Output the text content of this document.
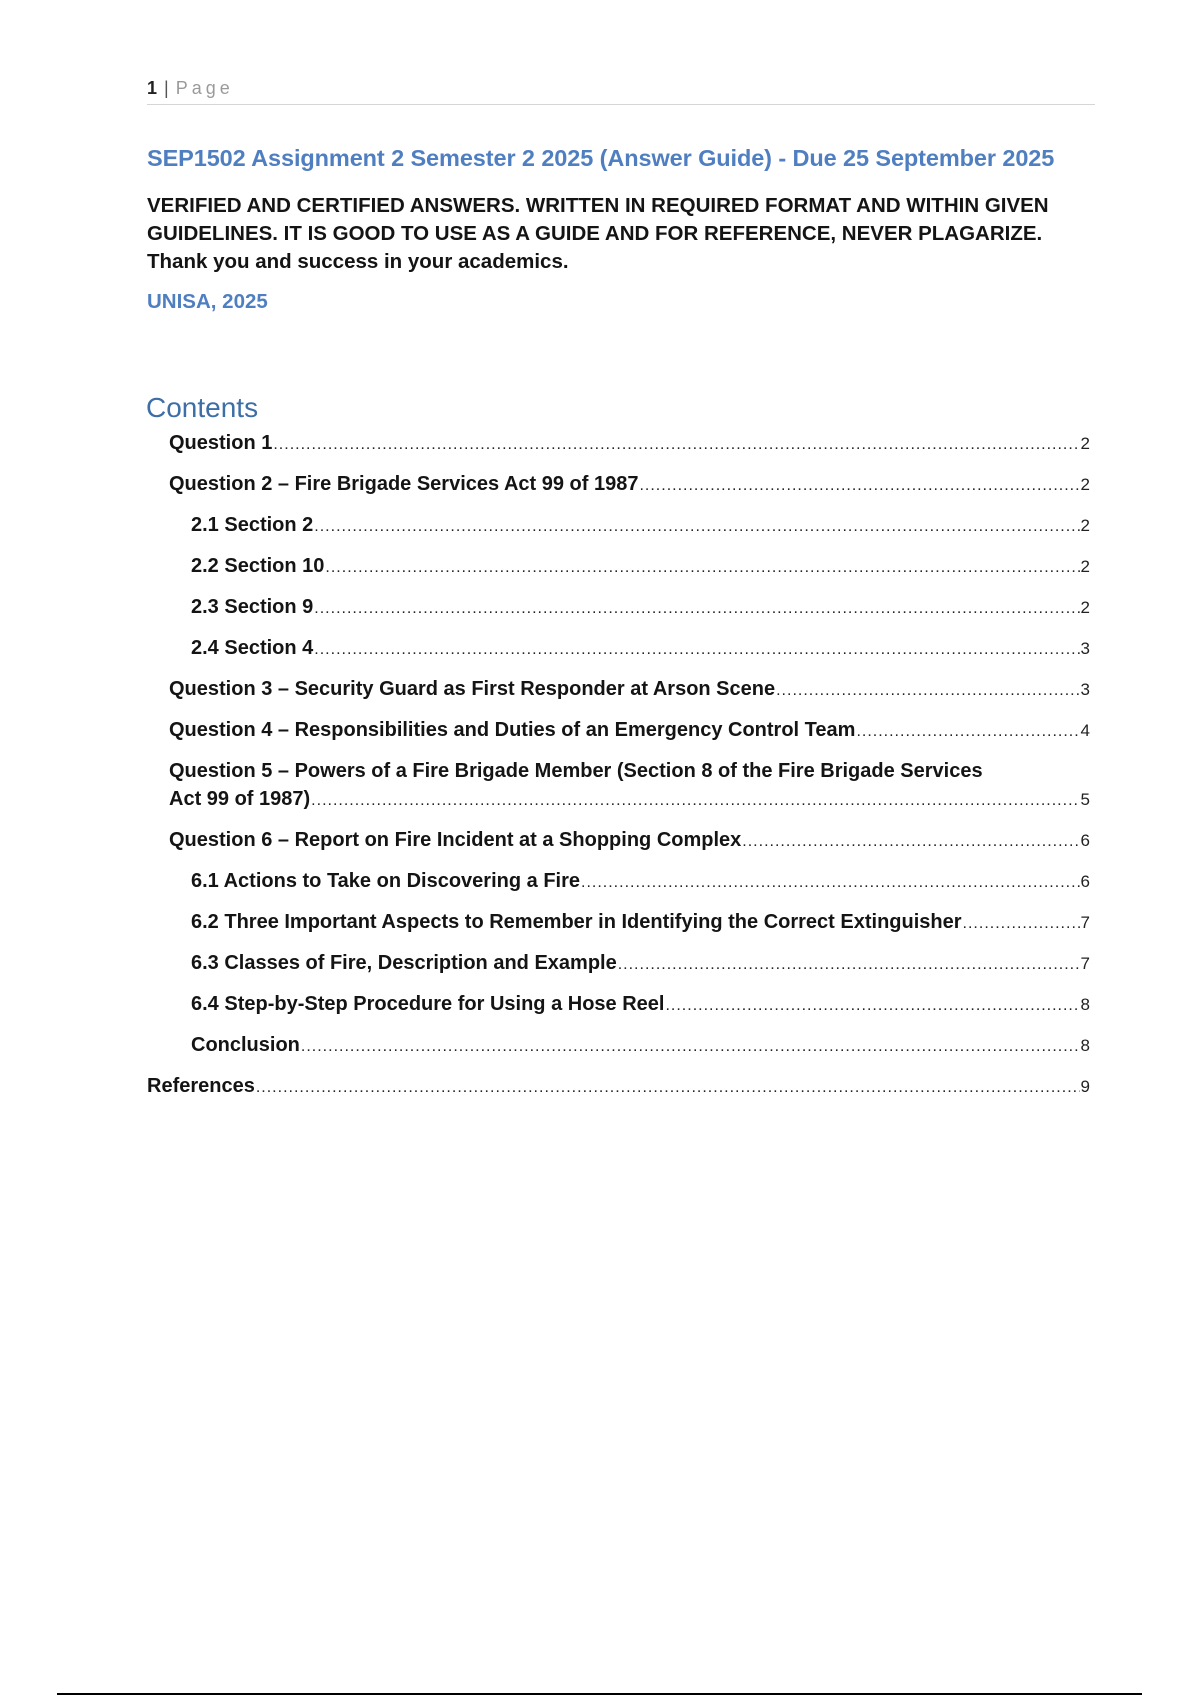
1 | Page
SEP1502 Assignment 2 Semester 2 2025 (Answer Guide) - Due 25 September 2025
VERIFIED AND CERTIFIED ANSWERS. WRITTEN IN REQUIRED FORMAT AND WITHIN GIVEN GUIDELINES. IT IS GOOD TO USE AS A GUIDE AND FOR REFERENCE, NEVER PLAGARIZE. Thank you and success in your academics.
UNISA, 2025
Contents
Question 1 .....	2
Question 2 – Fire Brigade Services Act 99 of 1987 .....	2
2.1 Section 2 .....	2
2.2 Section 10 .....	2
2.3 Section 9 .....	2
2.4 Section 4 .....	3
Question 3 – Security Guard as First Responder at Arson Scene .....	3
Question 4 – Responsibilities and Duties of an Emergency Control Team .....	4
Question 5 – Powers of a Fire Brigade Member (Section 8 of the Fire Brigade Services
Act 99 of 1987) .....	5
Question 6 – Report on Fire Incident at a Shopping Complex .....	6
6.1 Actions to Take on Discovering a Fire .....	6
6.2 Three Important Aspects to Remember in Identifying the Correct Extinguisher .....	7
6.3 Classes of Fire, Description and Example .....	7
6.4 Step-by-Step Procedure for Using a Hose Reel .....	8
Conclusion .....	8
References .....	9
